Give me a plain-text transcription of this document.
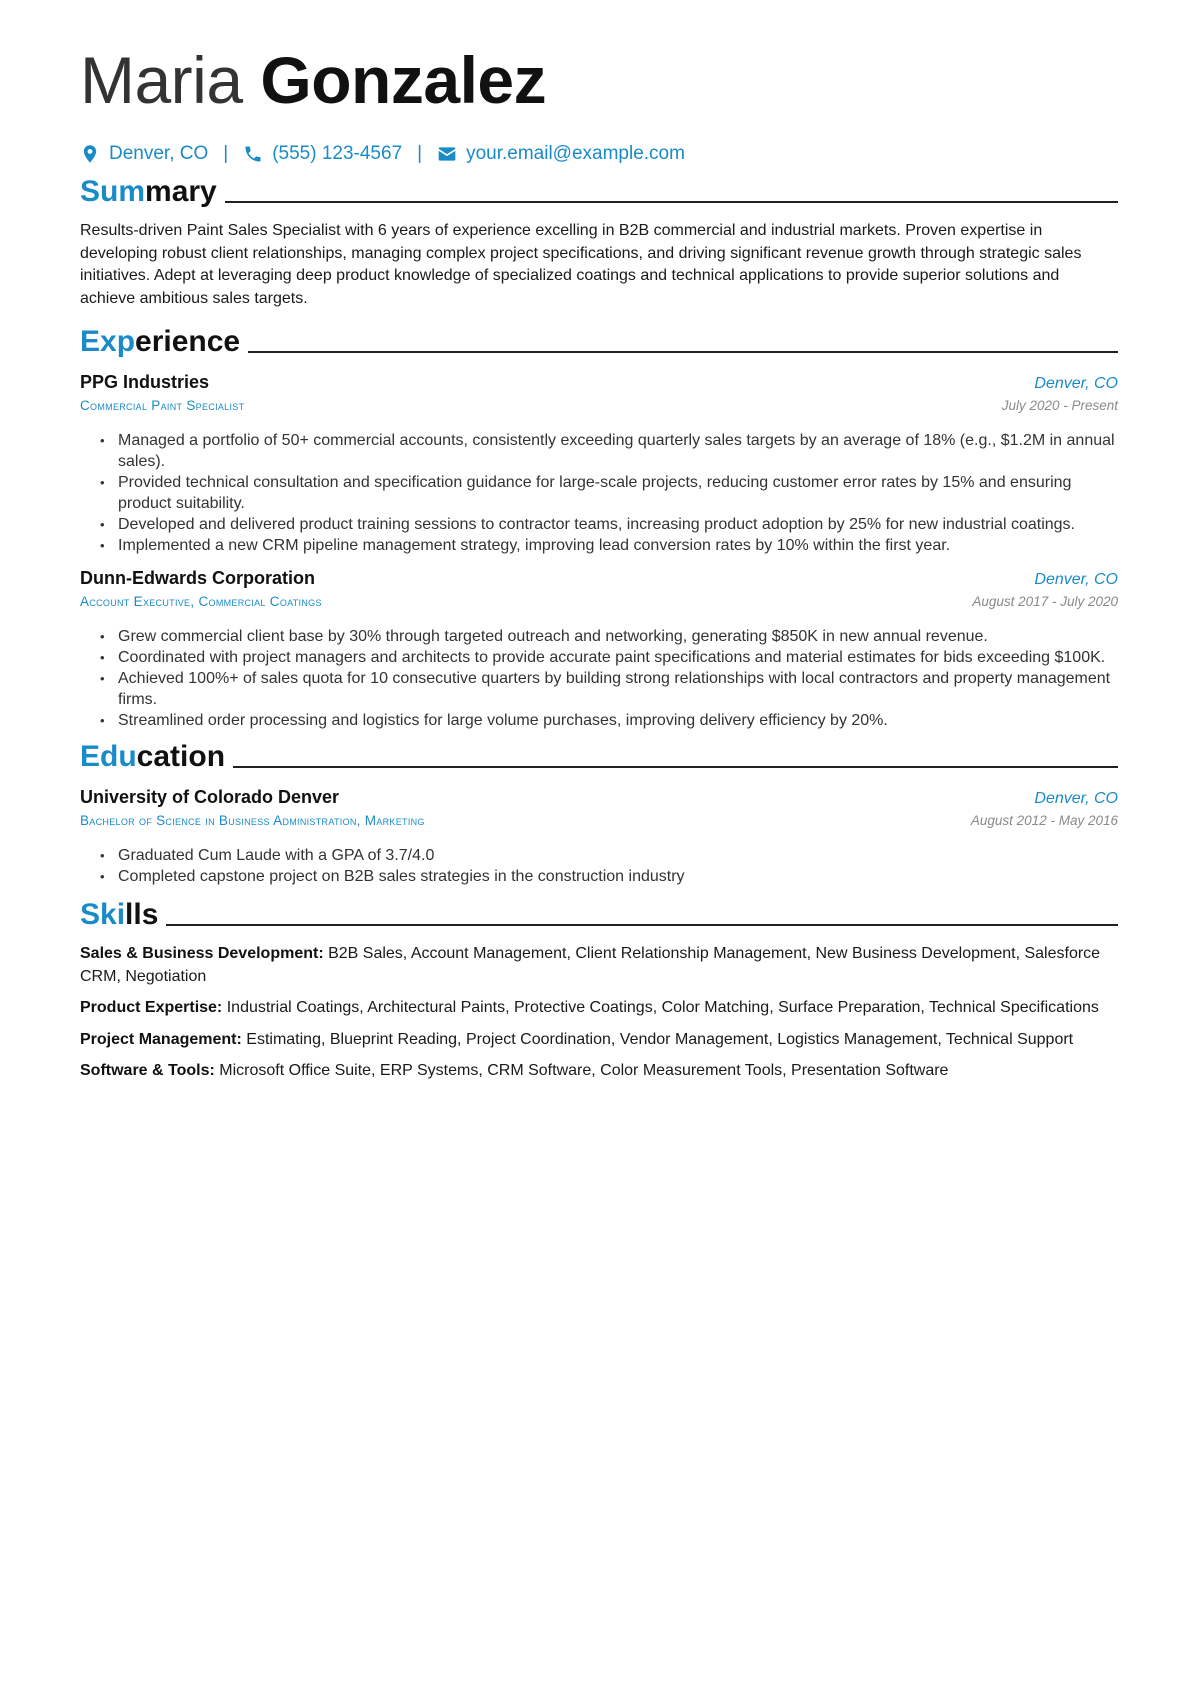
Maria Gonzalez
Denver, CO | (555) 123-4567 | your.email@example.com
Summary

Results-driven Paint Sales Specialist with 6 years of experience excelling in B2B commercial and industrial markets. Proven expertise in developing robust client relationships, managing complex project specifications, and driving significant revenue growth through strategic sales initiatives. Adept at leveraging deep product knowledge of specialized coatings and technical applications to provide superior solutions and achieve ambitious sales targets.

Experience
PPG Industries	Denver, CO
Commercial Paint Specialist	July 2020 - Present
• Managed a portfolio of 50+ commercial accounts, consistently exceeding quarterly sales targets by an average of 18% (e.g., $1.2M in annual sales).
• Provided technical consultation and specification guidance for large-scale projects, reducing customer error rates by 15% and ensuring product suitability.
• Developed and delivered product training sessions to contractor teams, increasing product adoption by 25% for new industrial coatings.
• Implemented a new CRM pipeline management strategy, improving lead conversion rates by 10% within the first year.
Dunn-Edwards Corporation	Denver, CO
Account Executive, Commercial Coatings	August 2017 - July 2020
• Grew commercial client base by 30% through targeted outreach and networking, generating $850K in new annual revenue.
• Coordinated with project managers and architects to provide accurate paint specifications and material estimates for bids exceeding $100K.
• Achieved 100%+ of sales quota for 10 consecutive quarters by building strong relationships with local contractors and property management firms.
• Streamlined order processing and logistics for large volume purchases, improving delivery efficiency by 20%.
Education
University of Colorado Denver	Denver, CO
Bachelor of Science in Business Administration, Marketing	August 2012 - May 2016
• Graduated Cum Laude with a GPA of 3.7/4.0
• Completed capstone project on B2B sales strategies in the construction industry
Skills

Sales & Business Development: B2B Sales, Account Management, Client Relationship Management, New Business Development, Salesforce CRM, Negotiation

Product Expertise: Industrial Coatings, Architectural Paints, Protective Coatings, Color Matching, Surface Preparation, Technical Specifications

Project Management: Estimating, Blueprint Reading, Project Coordination, Vendor Management, Logistics Management, Technical Support

Software & Tools: Microsoft Office Suite, ERP Systems, CRM Software, Color Measurement Tools, Presentation Software
